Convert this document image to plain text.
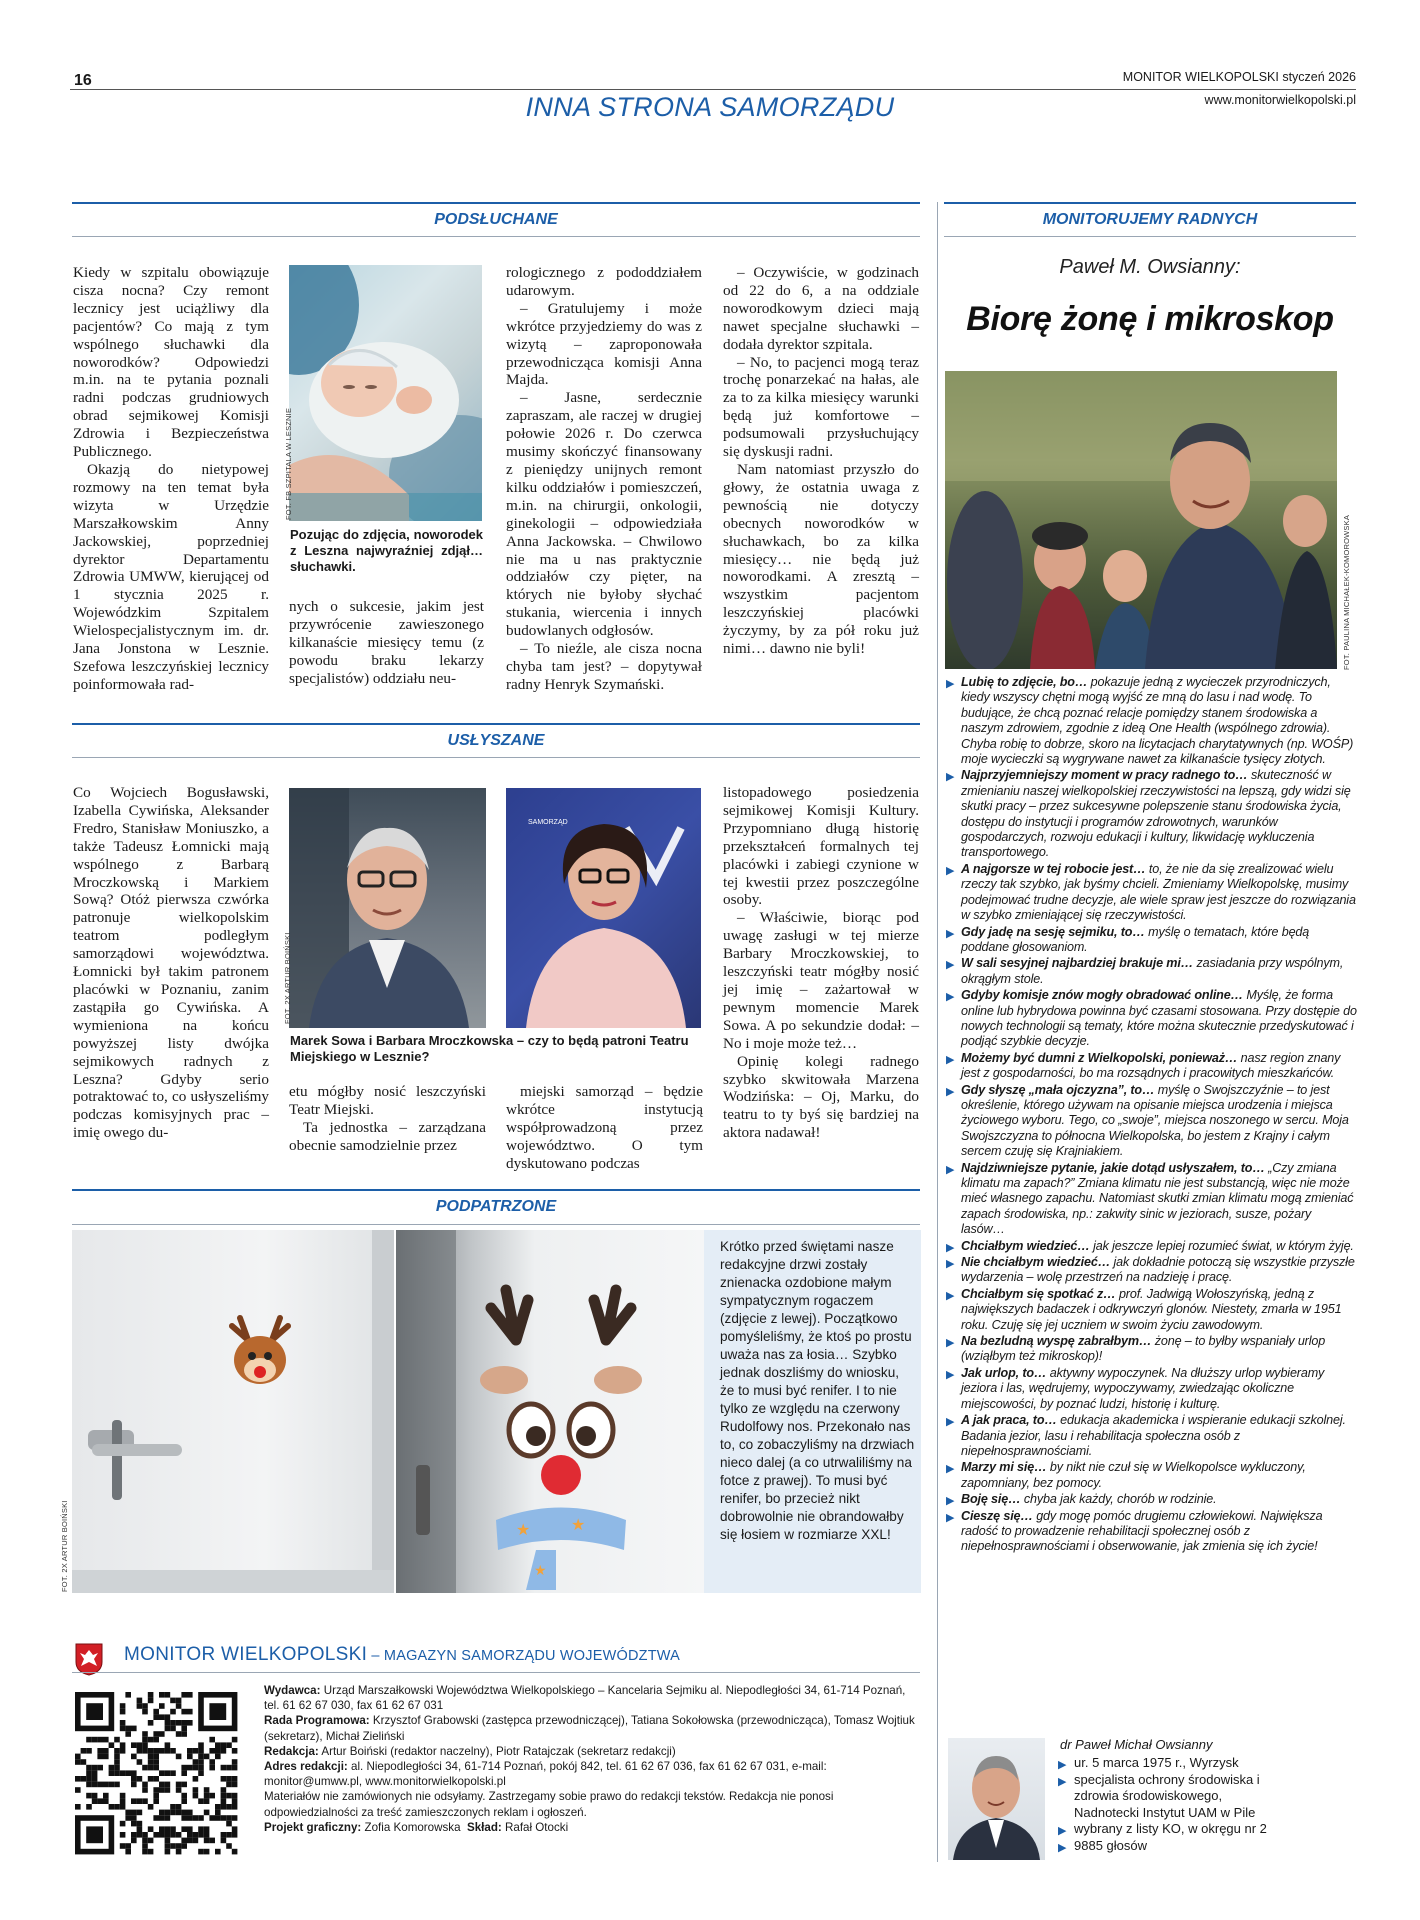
16	MONITOR WIELKOPOLSKI styczeń 2026
www.monitorwielkopolski.pl
INNA STRONA SAMORZĄDU
PODSŁUCHANE

Kiedy w szpitalu obowiązuje cisza nocna? Czy remont lecznicy jest uciążliwy dla pacjentów? Co mają z tym wspólnego słuchawki dla noworodków? Odpowiedzi m.in. na te pytania poznali radni podczas grudniowych obrad sejmikowej Komisji Zdrowia i Bezpieczeństwa Publicznego.

Okazją do nietypowej rozmowy na ten temat była wizyta w Urzędzie Marszałkowskim Anny Jackowskiej, poprzedniej dyrektor Departamentu Zdrowia UMWW, kierującej od 1 stycznia 2025 r. Wojewódzkim Szpitalem Wielospecjalistycznym im. dr. Jana Jonstona w Lesznie. Szefowa leszczyńskiej lecznicy poinformowała rad-

FOT. FB SZPITALA W LESZNIE
Pozując do zdjęcia, noworodek z Leszna najwyraźniej zdjął… słuchawki.

nych o sukcesie, jakim jest przywrócenie zawieszonego kilkanaście miesięcy temu (z powodu braku lekarzy specjalistów) oddziału neu-

rologicznego z pododdziałem udarowym.

– Gratulujemy i może wkrótce przyjedziemy do was z wizytą – zaproponowała przewodnicząca komisji Anna Majda.

– Jasne, serdecznie zapraszam, ale raczej w drugiej połowie 2026 r. Do czerwca musimy skończyć finansowany z pieniędzy unijnych remont kilku oddziałów i pomieszczeń, m.in. na chirurgii, onkologii, ginekologii – odpowiedziała Anna Jackowska. – Chwilowo nie ma u nas praktycznie oddziałów czy pięter, na których nie byłoby słychać stukania, wiercenia i innych budowlanych odgłosów.

– To nieźle, ale cisza nocna chyba tam jest? – dopytywał radny Henryk Szymański.

– Oczywiście, w godzinach od 22 do 6, a na oddziale noworodkowym dzieci mają nawet specjalne słuchawki – dodała dyrektor szpitala.

– No, to pacjenci mogą teraz trochę ponarzekać na hałas, ale za to za kilka miesięcy warunki będą już komfortowe – podsumowali przysłuchujący się dyskusji radni.

Nam natomiast przyszło do głowy, że ostatnia uwaga z pewnością nie dotyczy obecnych noworodków w słuchawkach, bo za kilka miesięcy… nie będą już noworodkami. A zresztą – wszystkim pacjentom leszczyńskiej placówki życzymy, by za pół roku już nimi… dawno nie byli!

USŁYSZANE

Co Wojciech Bogusławski, Izabella Cywińska, Aleksander Fredro, Stanisław Moniuszko, a także Tadeusz Łomnicki mają wspólnego z Barbarą Mroczkowską i Markiem Sową? Otóż pierwsza czwórka patronuje wielkopolskim teatrom podległym samorządowi województwa. Łomnicki był takim patronem placówki w Poznaniu, zanim zastąpiła go Cywińska. A wymieniona na końcu powyższej listy dwójka sejmikowych radnych z Leszna? Gdyby serio potraktować to, co usłyszeliśmy podczas komisyjnych prac – imię owego du-

SAMORZĄD
FOT. 2X ARTUR BOIŃSKI
Marek Sowa i Barbara Mroczkowska – czy to będą patroni Teatru Miejskiego w Lesznie?

etu mógłby nosić leszczyński Teatr Miejski.

Ta jednostka – zarządzana obecnie samodzielnie przez

miejski samorząd – będzie wkrótce instytucją współprowadzoną przez województwo. O tym dyskutowano podczas

listopadowego posiedzenia sejmikowej Komisji Kultury. Przypomniano długą historię przekształceń formalnych tej placówki i zabiegi czynione w tej kwestii przez poszczególne osoby.

– Właściwie, biorąc pod uwagę zasługi w tej mierze Barbary Mroczkowskiej, to leszczyński teatr mógłby nosić jej imię – zażartował w pewnym momencie Marek Sowa. A po sekundzie dodał: – No i moje może też…

Opinię kolegi radnego szybko skwitowała Marzena Wodzińska: – Oj, Marku, do teatru to ty byś się bardziej na aktora nadawał!

PODPATRZONE
FOT. 2X ARTUR BOIŃSKI	★	★
★
Krótko przed świętami nasze redakcyjne drzwi zostały znienacka ozdobione małym sympatycznym rogaczem (zdjęcie z lewej). Początkowo pomyśleliśmy, że ktoś po prostu uważa nas za łosia… Szybko jednak doszliśmy do wniosku, że to musi być renifer. I to nie tylko ze względu na czerwony Rudolfowy nos. Przekonało nas to, co zobaczyliśmy na drzwiach nieco dalej (a co utrwaliliśmy na fotce z prawej). To musi być renifer, bo przecież nikt dobrowolnie nie obrandowałby się łosiem w rozmiarze XXL!
MONITOR WIELKOPOLSKI – MAGAZYN SAMORZĄDU WOJEWÓDZTWA
Wydawca: Urząd Marszałkowski Województwa Wielkopolskiego – Kancelaria Sejmiku al. Niepodległości 34, 61-714 Poznań, tel. 61 62 67 030, fax 61 62 67 031
Rada Programowa: Krzysztof Grabowski (zastępca przewodniczącej), Tatiana Sokołowska (przewodnicząca), Tomasz Wojtiuk (sekretarz), Michał Zieliński
Redakcja: Artur Boiński (redaktor naczelny), Piotr Ratajczak (sekretarz redakcji)
Adres redakcji: al. Niepodległości 34, 61-714 Poznań, pokój 842, tel. 61 62 67 036, fax 61 62 67 031, e-mail: monitor@umww.pl, www.monitorwielkopolski.pl
Materiałów nie zamówionych nie odsyłamy. Zastrzegamy sobie prawo do redakcji tekstów. Redakcja nie ponosi odpowiedzialności za treść zamieszczonych reklam i ogłoszeń.
Projekt graficzny: Zofia Komorowska Skład: Rafał Otocki
MONITORUJEMY RADNYCH
Paweł M. Owsianny:
Biorę żonę i mikroskop
FOT. PAULINA MICHAŁEK-KOMOROWSKA
▶ Lubię to zdjęcie, bo… pokazuje jedną z wycieczek przyrodniczych, kiedy wszyscy chętni mogą wyjść ze mną do lasu i nad wodę. To budujące, że chcą poznać relacje pomiędzy stanem środowiska a naszym zdrowiem, zgodnie z ideą One Health (wspólnego zdrowia). Chyba robię to dobrze, skoro na licytacjach charytatywnych (np. WOŚP) moje wycieczki są wygrywane nawet za kilkanaście tysięcy złotych.
▶ Najprzyjemniejszy moment w pracy radnego to… skuteczność w zmienianiu naszej wielkopolskiej rzeczywistości na lepszą, gdy widzi się skutki pracy – przez sukcesywne polepszenie stanu środowiska życia, dostępu do instytucji i programów zdrowotnych, warunków gospodarczych, rozwoju edukacji i kultury, likwidację wykluczenia transportowego.
▶ A najgorsze w tej robocie jest… to, że nie da się zrealizować wielu rzeczy tak szybko, jak byśmy chcieli. Zmieniamy Wielkopolskę, musimy podejmować trudne decyzje, ale wiele spraw jest jeszcze do rozwiązania w szybko zmieniającej się rzeczywistości.
▶ Gdy jadę na sesję sejmiku, to… myślę o tematach, które będą poddane głosowaniom.
▶ W sali sesyjnej najbardziej brakuje mi… zasiadania przy wspólnym, okrągłym stole.
▶ Gdyby komisje znów mogły obradować online… Myślę, że forma online lub hybrydowa powinna być czasami stosowana. Przy dostępie do nowych technologii są tematy, które można skutecznie przedyskutować i podjąć szybkie decyzje.
▶ Możemy być dumni z Wielkopolski, ponieważ… nasz region znany jest z gospodarności, bo ma rozsądnych i pracowitych mieszkańców.
▶ Gdy słyszę „mała ojczyzna”, to… myślę o Swojszczyźnie – to jest określenie, którego używam na opisanie miejsca urodzenia i miejsca życiowego wyboru. Tego, co „swoje”, miejsca noszonego w sercu. Moja Swojszczyzna to północna Wielkopolska, bo jestem z Krajny i całym sercem czuję się Krajniakiem.
▶ Najdziwniejsze pytanie, jakie dotąd usłyszałem, to… „Czy zmiana klimatu ma zapach?” Zmiana klimatu nie jest substancją, więc nie może mieć własnego zapachu. Natomiast skutki zmian klimatu mogą zmieniać zapach środowiska, np.: zakwity sinic w jeziorach, susze, pożary lasów…
▶ Chciałbym wiedzieć… jak jeszcze lepiej rozumieć świat, w którym żyję.
▶ Nie chciałbym wiedzieć… jak dokładnie potoczą się wszystkie przyszłe wydarzenia – wolę przestrzeń na nadzieję i pracę.
▶ Chciałbym się spotkać z… prof. Jadwigą Wołoszyńską, jedną z największych badaczek i odkrywczyń glonów. Niestety, zmarła w 1951 roku. Czuję się jej uczniem w swoim życiu zawodowym.
▶ Na bezludną wyspę zabrałbym… żonę – to byłby wspaniały urlop (wziąłbym też mikroskop)!
▶ Jak urlop, to… aktywny wypoczynek. Na dłuższy urlop wybieramy jeziora i las, wędrujemy, wypoczywamy, zwiedzając okoliczne miejscowości, by poznać ludzi, historię i kulturę.
▶ A jak praca, to… edukacja akademicka i wspieranie edukacji szkolnej. Badania jezior, lasu i rehabilitacja społeczna osób z niepełnosprawnościami.
▶ Marzy mi się… by nikt nie czuł się w Wielkopolsce wykluczony, zapomniany, bez pomocy.
▶ Boję się… chyba jak każdy, chorób w rodzinie.
▶ Cieszę się… gdy mogę pomóc drugiemu człowiekowi. Największa radość to prowadzenie rehabilitacji społecznej osób z niepełnosprawnościami i obserwowanie, jak zmienia się ich życie!
dr Paweł Michał Owsianny
▶ ur. 5 marca 1975 r., Wyrzysk
▶ specjalista ochrony środowiska i zdrowia środowiskowego, Nadnotecki Instytut UAM w Pile
▶ wybrany z listy KO, w okręgu nr 2
▶ 9885 głosów
